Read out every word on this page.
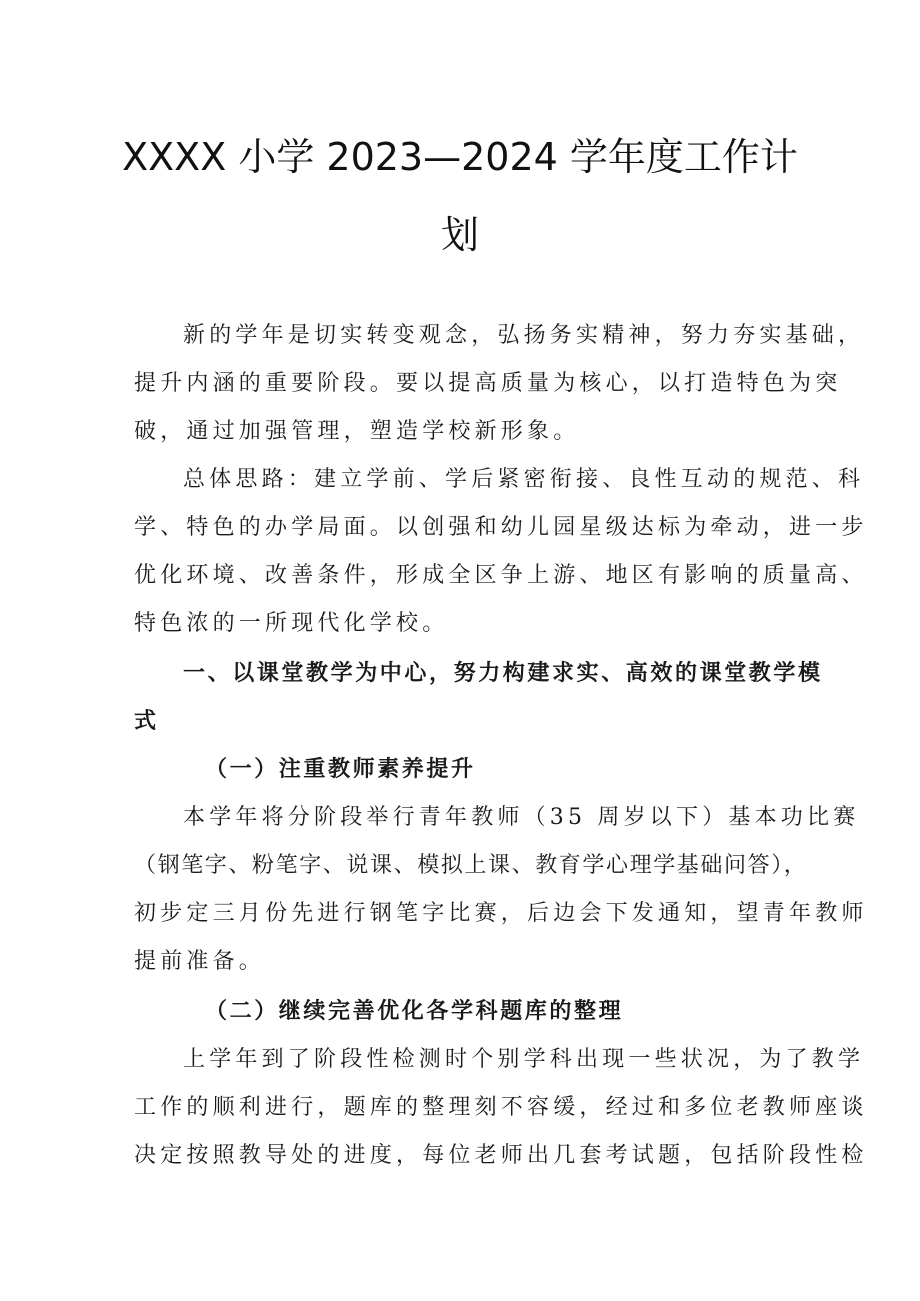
XXXX 小学 2023—2024 学年度工作计
划
新的学年是切实转变观念，弘扬务实精神，努力夯实基础，
提升内涵的重要阶段。要以提高质量为核心，以打造特色为突
破，通过加强管理，塑造学校新形象。
总体思路：建立学前、学后紧密衔接、良性互动的规范、科
学、特色的办学局面。以创强和幼儿园星级达标为牵动，进一步
优化环境、改善条件，形成全区争上游、地区有影响的质量高、
特色浓的一所现代化学校。
一、以课堂教学为中心，努力构建求实、高效的课堂教学模
式
（一）注重教师素养提升
本学年将分阶段举行青年教师（35 周岁以下）基本功比赛
（钢笔字、粉笔字、说课、模拟上课、教育学心理学基础问答），
初步定三月份先进行钢笔字比赛，后边会下发通知，望青年教师
提前准备。
（二）继续完善优化各学科题库的整理
上学年到了阶段性检测时个别学科出现一些状况，为了教学
工作的顺利进行，题库的整理刻不容缓，经过和多位老教师座谈
决定按照教导处的进度，每位老师出几套考试题，包括阶段性检
